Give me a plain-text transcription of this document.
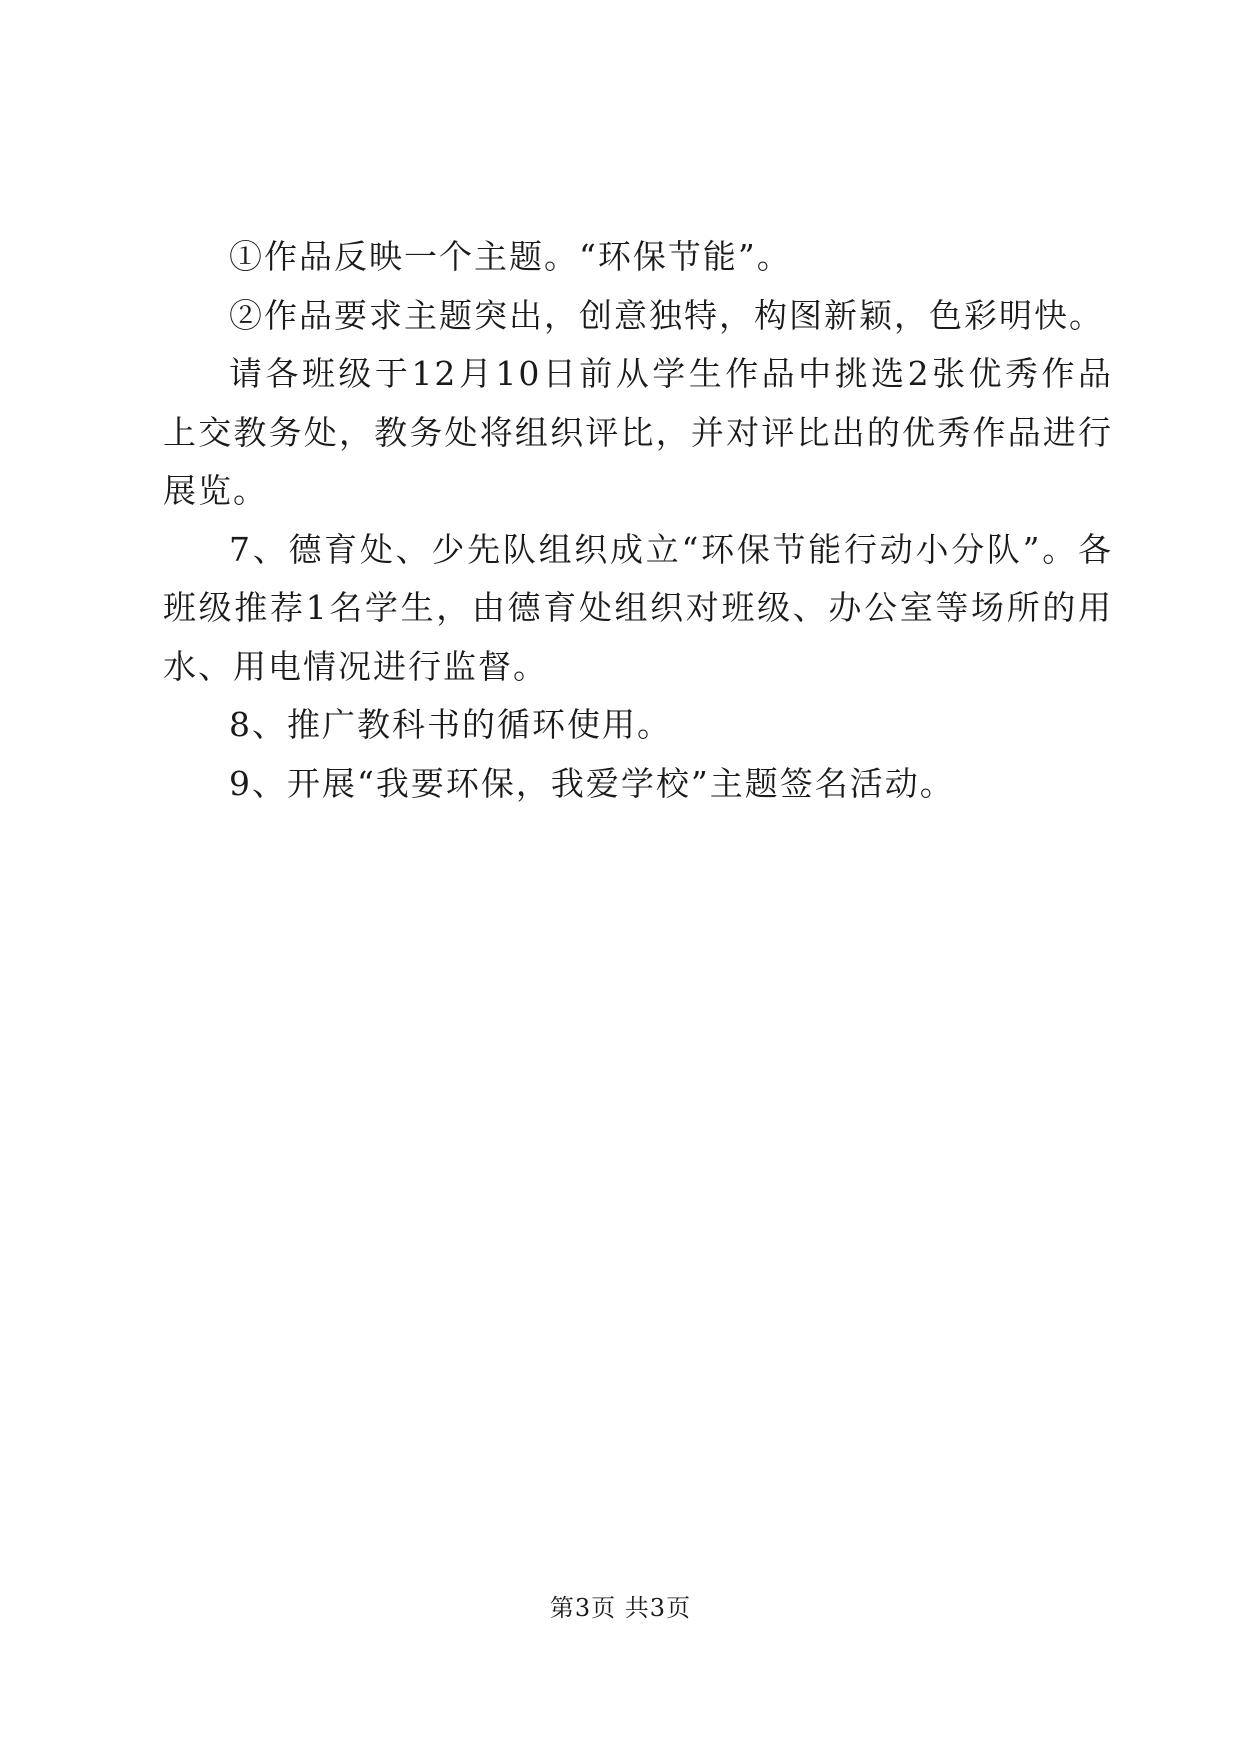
①作品反映一个主题。“环保节能”。

②作品要求主题突出，创意独特，构图新颖，色彩明快。

请各班级于12月10日前从学生作品中挑选2张优秀作品上交教务处，教务处将组织评比，并对评比出的优秀作品进行展览。

7、德育处、少先队组织成立“环保节能行动小分队”。各班级推荐1名学生，由德育处组织对班级、办公室等场所的用水、用电情况进行监督。

8、推广教科书的循环使用。

9、开展“我要环保，我爱学校”主题签名活动。

第3页 共3页
